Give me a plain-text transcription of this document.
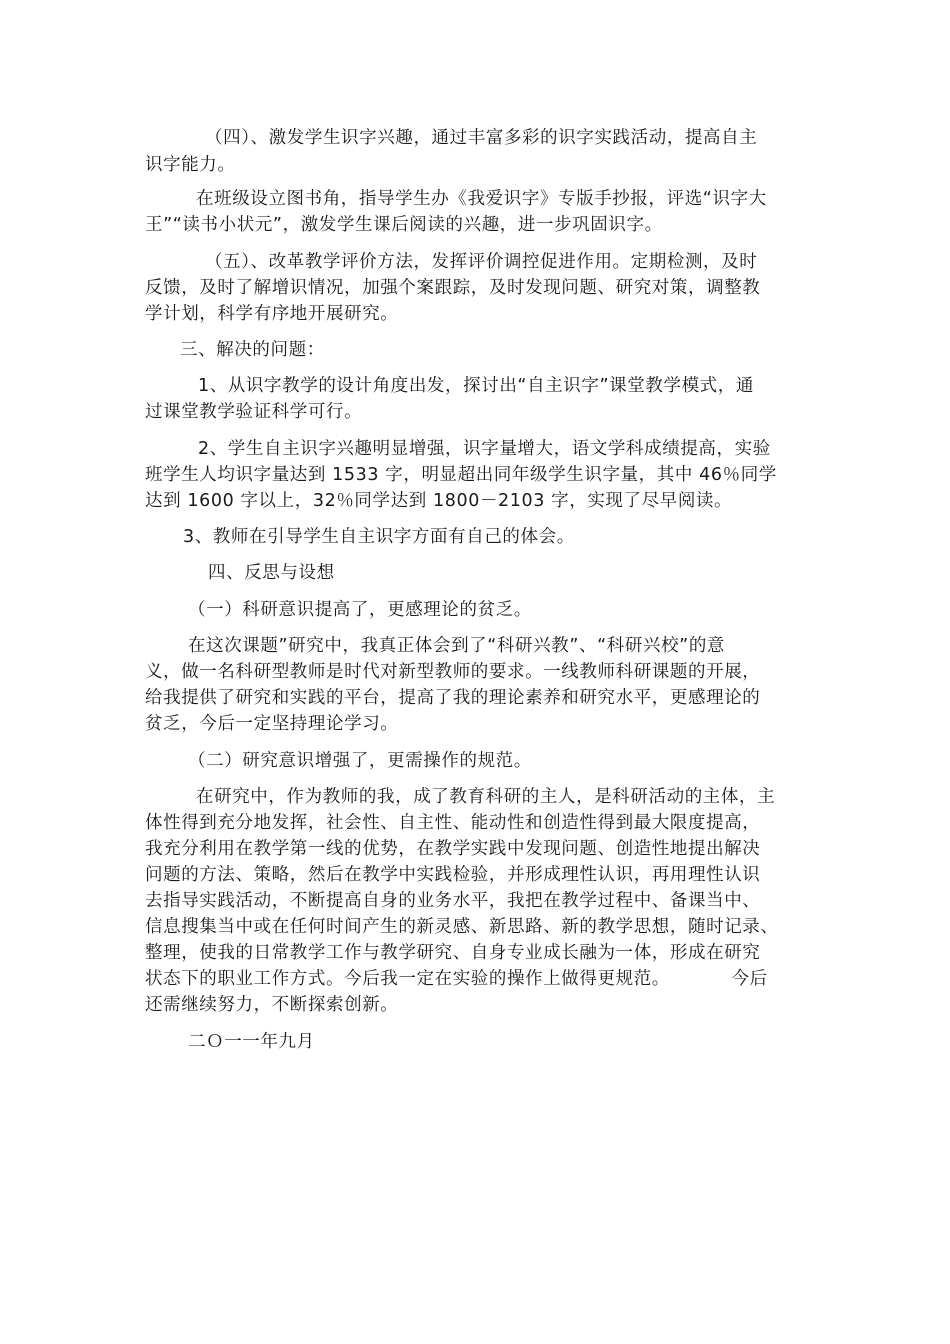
（四）、激发学生识字兴趣，通过丰富多彩的识字实践活动，提高自主
识字能力。
在班级设立图书角，指导学生办《我爱识字》专版手抄报，评选“识字大
王”“读书小状元”，激发学生课后阅读的兴趣，进一步巩固识字。
（五）、改革教学评价方法，发挥评价调控促进作用。定期检测，及时
反馈，及时了解增识情况，加强个案跟踪，及时发现问题、研究对策，调整教
学计划，科学有序地开展研究。
三、解决的问题：
1、从识字教学的设计角度出发，探讨出“自主识字”课堂教学模式，通
过课堂教学验证科学可行。
2、学生自主识字兴趣明显增强，识字量增大，语文学科成绩提高，实验
班学生人均识字量达到 1533 字，明显超出同年级学生识字量，其中 46％同学
达到 1600 字以上，32％同学达到 1800－2103 字，实现了尽早阅读。
3、教师在引导学生自主识字方面有自己的体会。
四、反思与设想
（一）科研意识提高了，更感理论的贫乏。
在这次课题”研究中，我真正体会到了“科研兴教”、“科研兴校”的意
义，做一名科研型教师是时代对新型教师的要求。一线教师科研课题的开展，
给我提供了研究和实践的平台，提高了我的理论素养和研究水平，更感理论的
贫乏，今后一定坚持理论学习。
（二）研究意识增强了，更需操作的规范。
在研究中，作为教师的我，成了教育科研的主人，是科研活动的主体，主
体性得到充分地发挥，社会性、自主性、能动性和创造性得到最大限度提高，
我充分利用在教学第一线的优势，在教学实践中发现问题、创造性地提出解决
问题的方法、策略，然后在教学中实践检验，并形成理性认识，再用理性认识
去指导实践活动，不断提高自身的业务水平，我把在教学过程中、备课当中、
信息搜集当中或在任何时间产生的新灵感、新思路、新的教学思想，随时记录、
整理，使我的日常教学工作与教学研究、自身专业成长融为一体，形成在研究
状态下的职业工作方式。今后我一定在实验的操作上做得更规范。          今后
还需继续努力，不断探索创新。
二Ｏ一一年九月
